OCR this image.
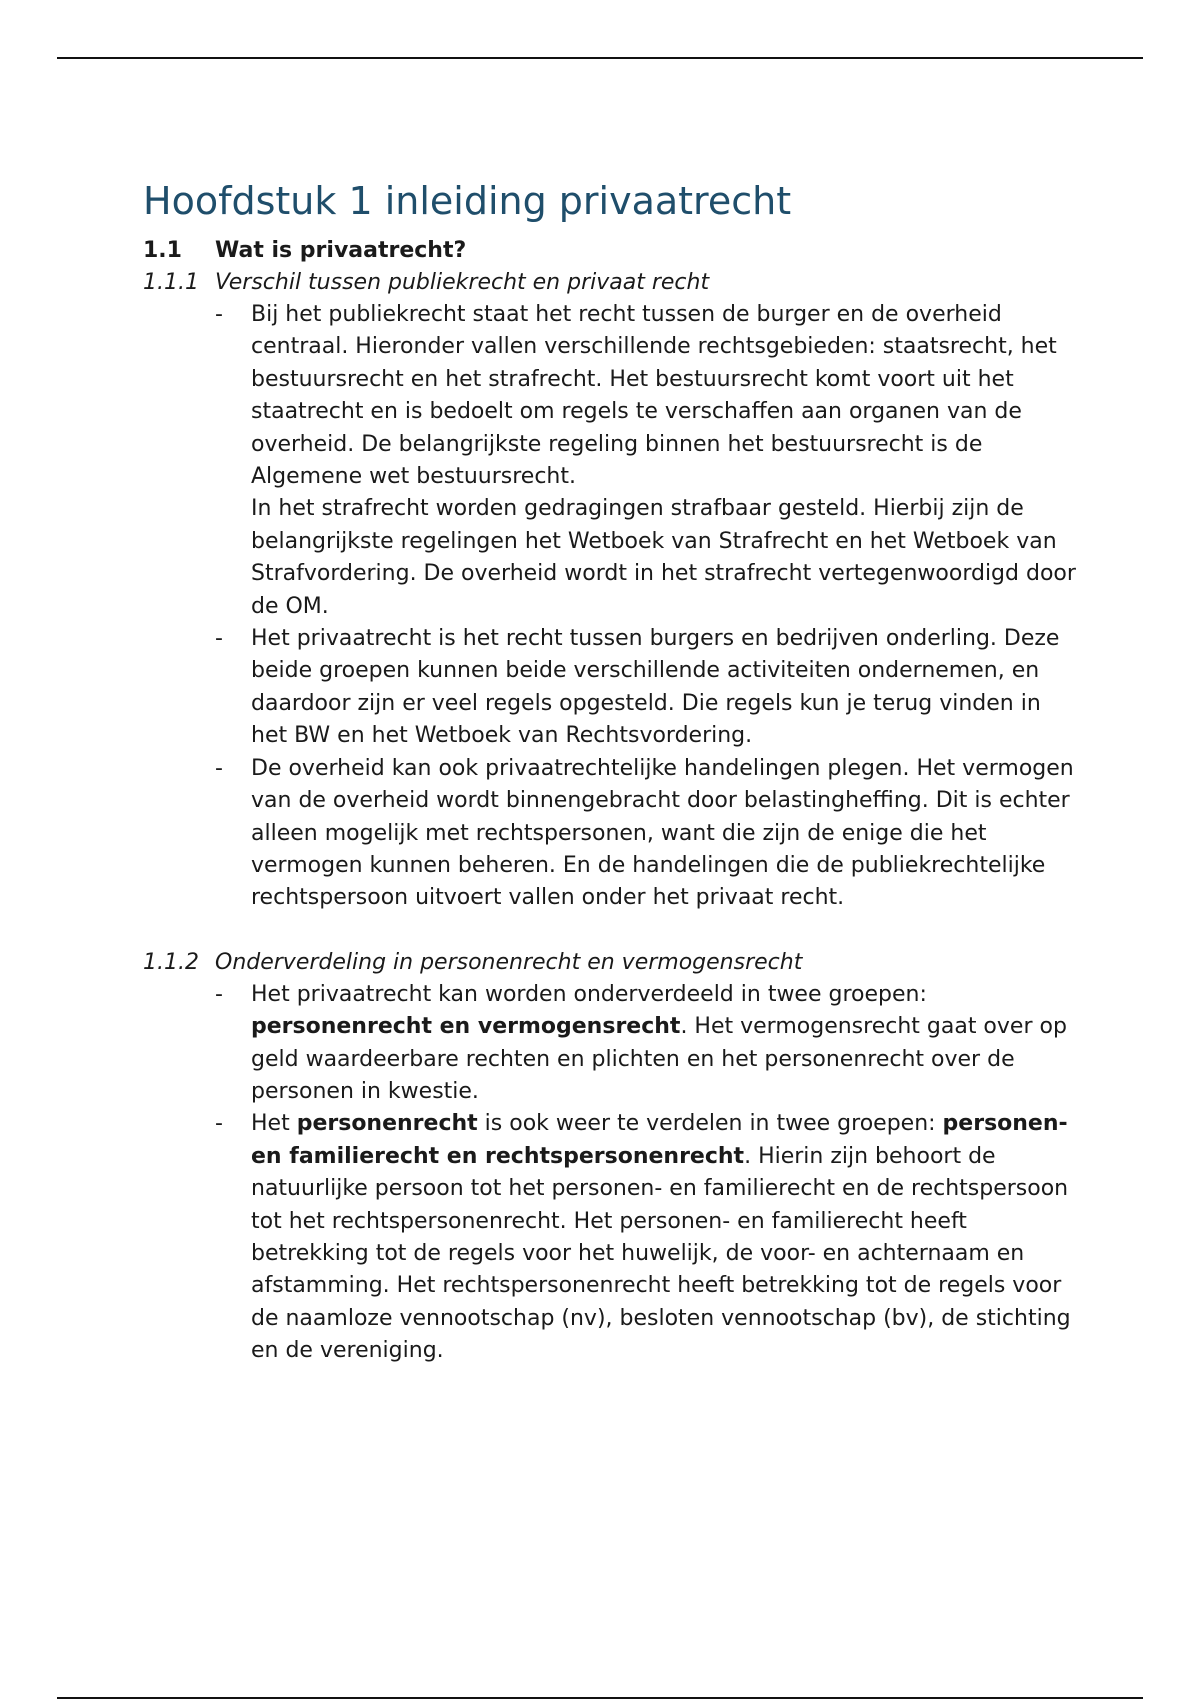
Hoofdstuk 1 inleiding privaatrecht
1.1	Wat is privaatrecht?
1.1.1 Verschil tussen publiekrecht en privaat recht
- Bij het publiekrecht staat het recht tussen de burger en de overheid centraal. Hieronder vallen verschillende rechtsgebieden: staatsrecht, het bestuursrecht en het strafrecht. Het bestuursrecht komt voort uit het staatrecht en is bedoelt om regels te verschaffen aan organen van de overheid. De belangrijkste regeling binnen het bestuursrecht is de Algemene wet bestuursrecht.

In het strafrecht worden gedragingen strafbaar gesteld. Hierbij zijn de belangrijkste regelingen het Wetboek van Strafrecht en het Wetboek van Strafvordering. De overheid wordt in het strafrecht vertegenwoordigd door de OM.

- Het privaatrecht is het recht tussen burgers en bedrijven onderling. Deze beide groepen kunnen beide verschillende activiteiten ondernemen, en daardoor zijn er veel regels opgesteld. Die regels kun je terug vinden in het BW en het Wetboek van Rechtsvordering.

- De overheid kan ook privaatrechtelijke handelingen plegen. Het vermogen van de overheid wordt binnengebracht door belastingheffing. Dit is echter alleen mogelijk met rechtspersonen, want die zijn de enige die het vermogen kunnen beheren. En de handelingen die de publiekrechtelijke rechtspersoon uitvoert vallen onder het privaat recht.

1.1.2 Onderverdeling in personenrecht en vermogensrecht
- Het privaatrecht kan worden onderverdeeld in twee groepen: personenrecht en vermogensrecht. Het vermogensrecht gaat over op geld waardeerbare rechten en plichten en het personenrecht over de personen in kwestie.

- Het personenrecht is ook weer te verdelen in twee groepen: personen- en familierecht en rechtspersonenrecht. Hierin zijn behoort de natuurlijke persoon tot het personen- en familierecht en de rechtspersoon tot het rechtspersonenrecht. Het personen- en familierecht heeft betrekking tot de regels voor het huwelijk, de voor- en achternaam en afstamming. Het rechtspersonenrecht heeft betrekking tot de regels voor de naamloze vennootschap (nv), besloten vennootschap (bv), de stichting en de vereniging.
